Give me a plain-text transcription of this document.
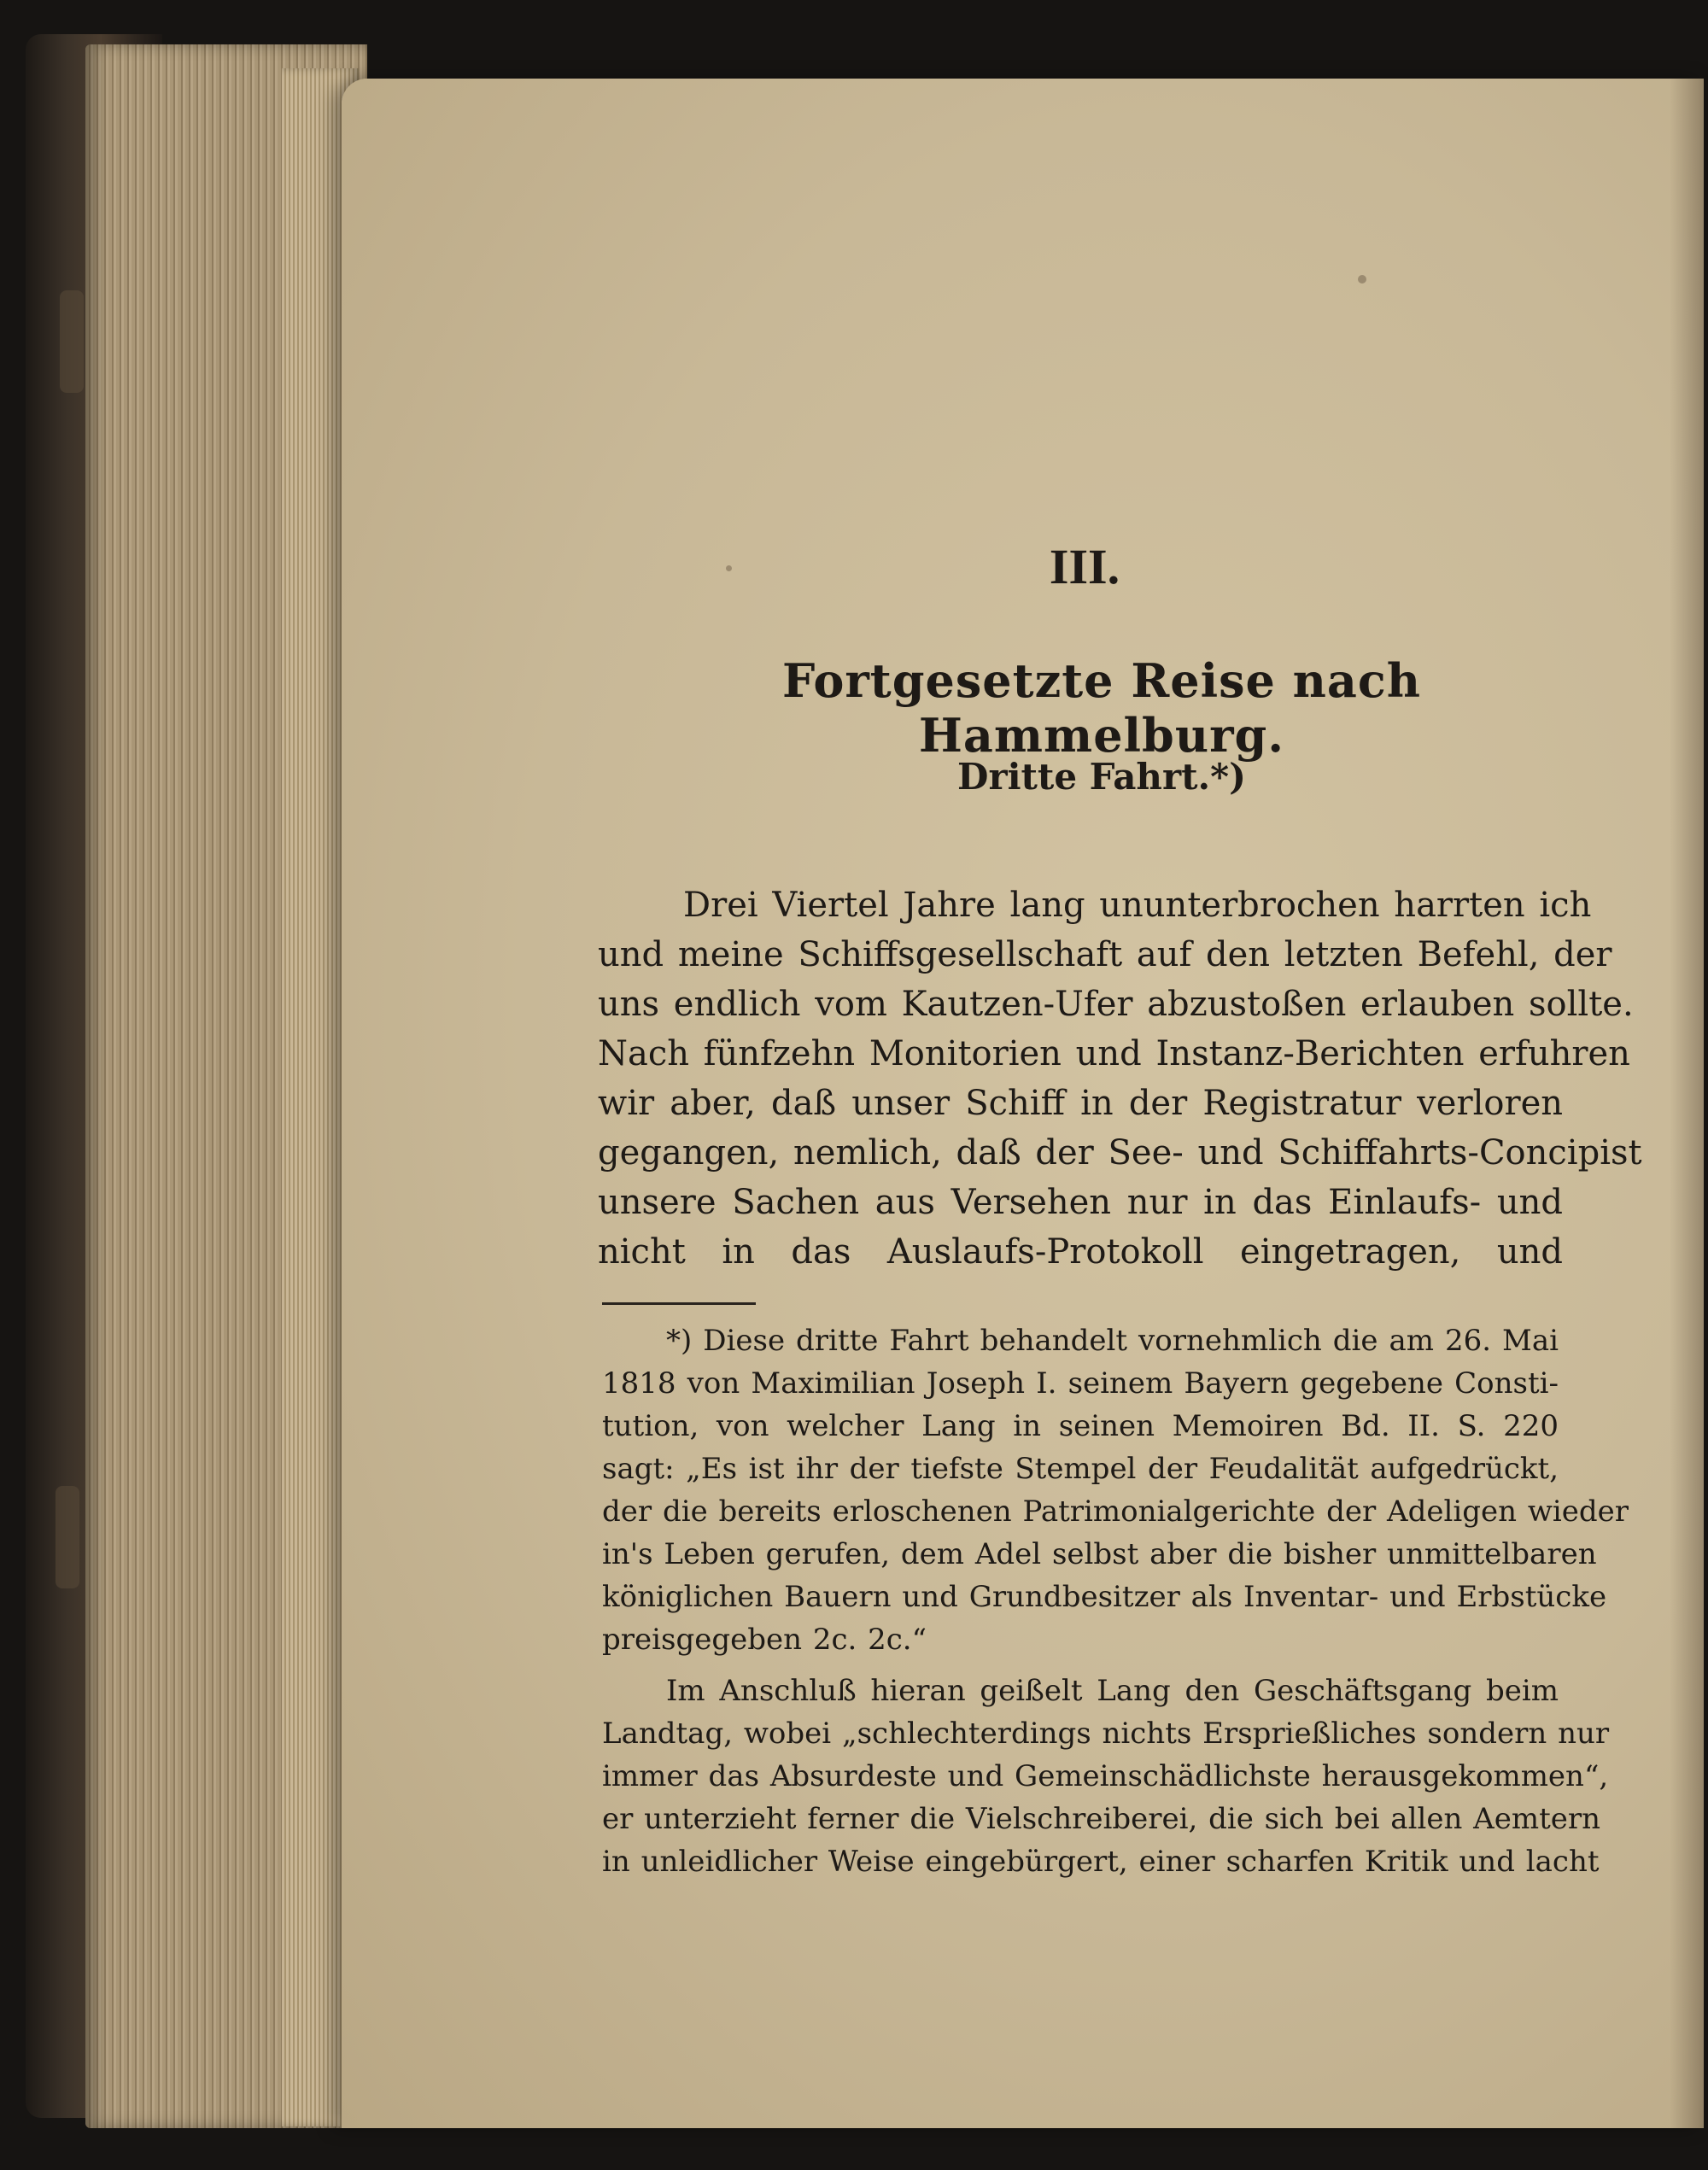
III.
Fortgesetzte Reise nach Hammelburg.
Dritte Fahrt.*)
Drei Viertel Jahre lang ununterbrochen harrten ich
und meine Schiffsgesellschaft auf den letzten Befehl, der
uns endlich vom Kautzen-Ufer abzustoßen erlauben sollte.
Nach fünfzehn Monitorien und Instanz-Berichten erfuhren
wir aber, daß unser Schiff in der Registratur verloren
gegangen, nemlich, daß der See- und Schiffahrts-Concipist
unsere Sachen aus Versehen nur in das Einlaufs- und
nicht in das Auslaufs-Protokoll eingetragen, und
*) Diese dritte Fahrt behandelt vornehmlich die am 26. Mai
1818 von Maximilian Joseph I. seinem Bayern gegebene Consti-
tution, von welcher Lang in seinen Memoiren Bd. II. S. 220
sagt: „Es ist ihr der tiefste Stempel der Feudalität aufgedrückt,
der die bereits erloschenen Patrimonialgerichte der Adeligen wieder
in's Leben gerufen, dem Adel selbst aber die bisher unmittelbaren
königlichen Bauern und Grundbesitzer als Inventar- und Erbstücke
preisgegeben 2c. 2c.“
Im Anschluß hieran geißelt Lang den Geschäftsgang beim
Landtag, wobei „schlechterdings nichts Ersprießliches sondern nur
immer das Absurdeste und Gemeinschädlichste herausgekommen“,
er unterzieht ferner die Vielschreiberei, die sich bei allen Aemtern
in unleidlicher Weise eingebürgert, einer scharfen Kritik und lacht
